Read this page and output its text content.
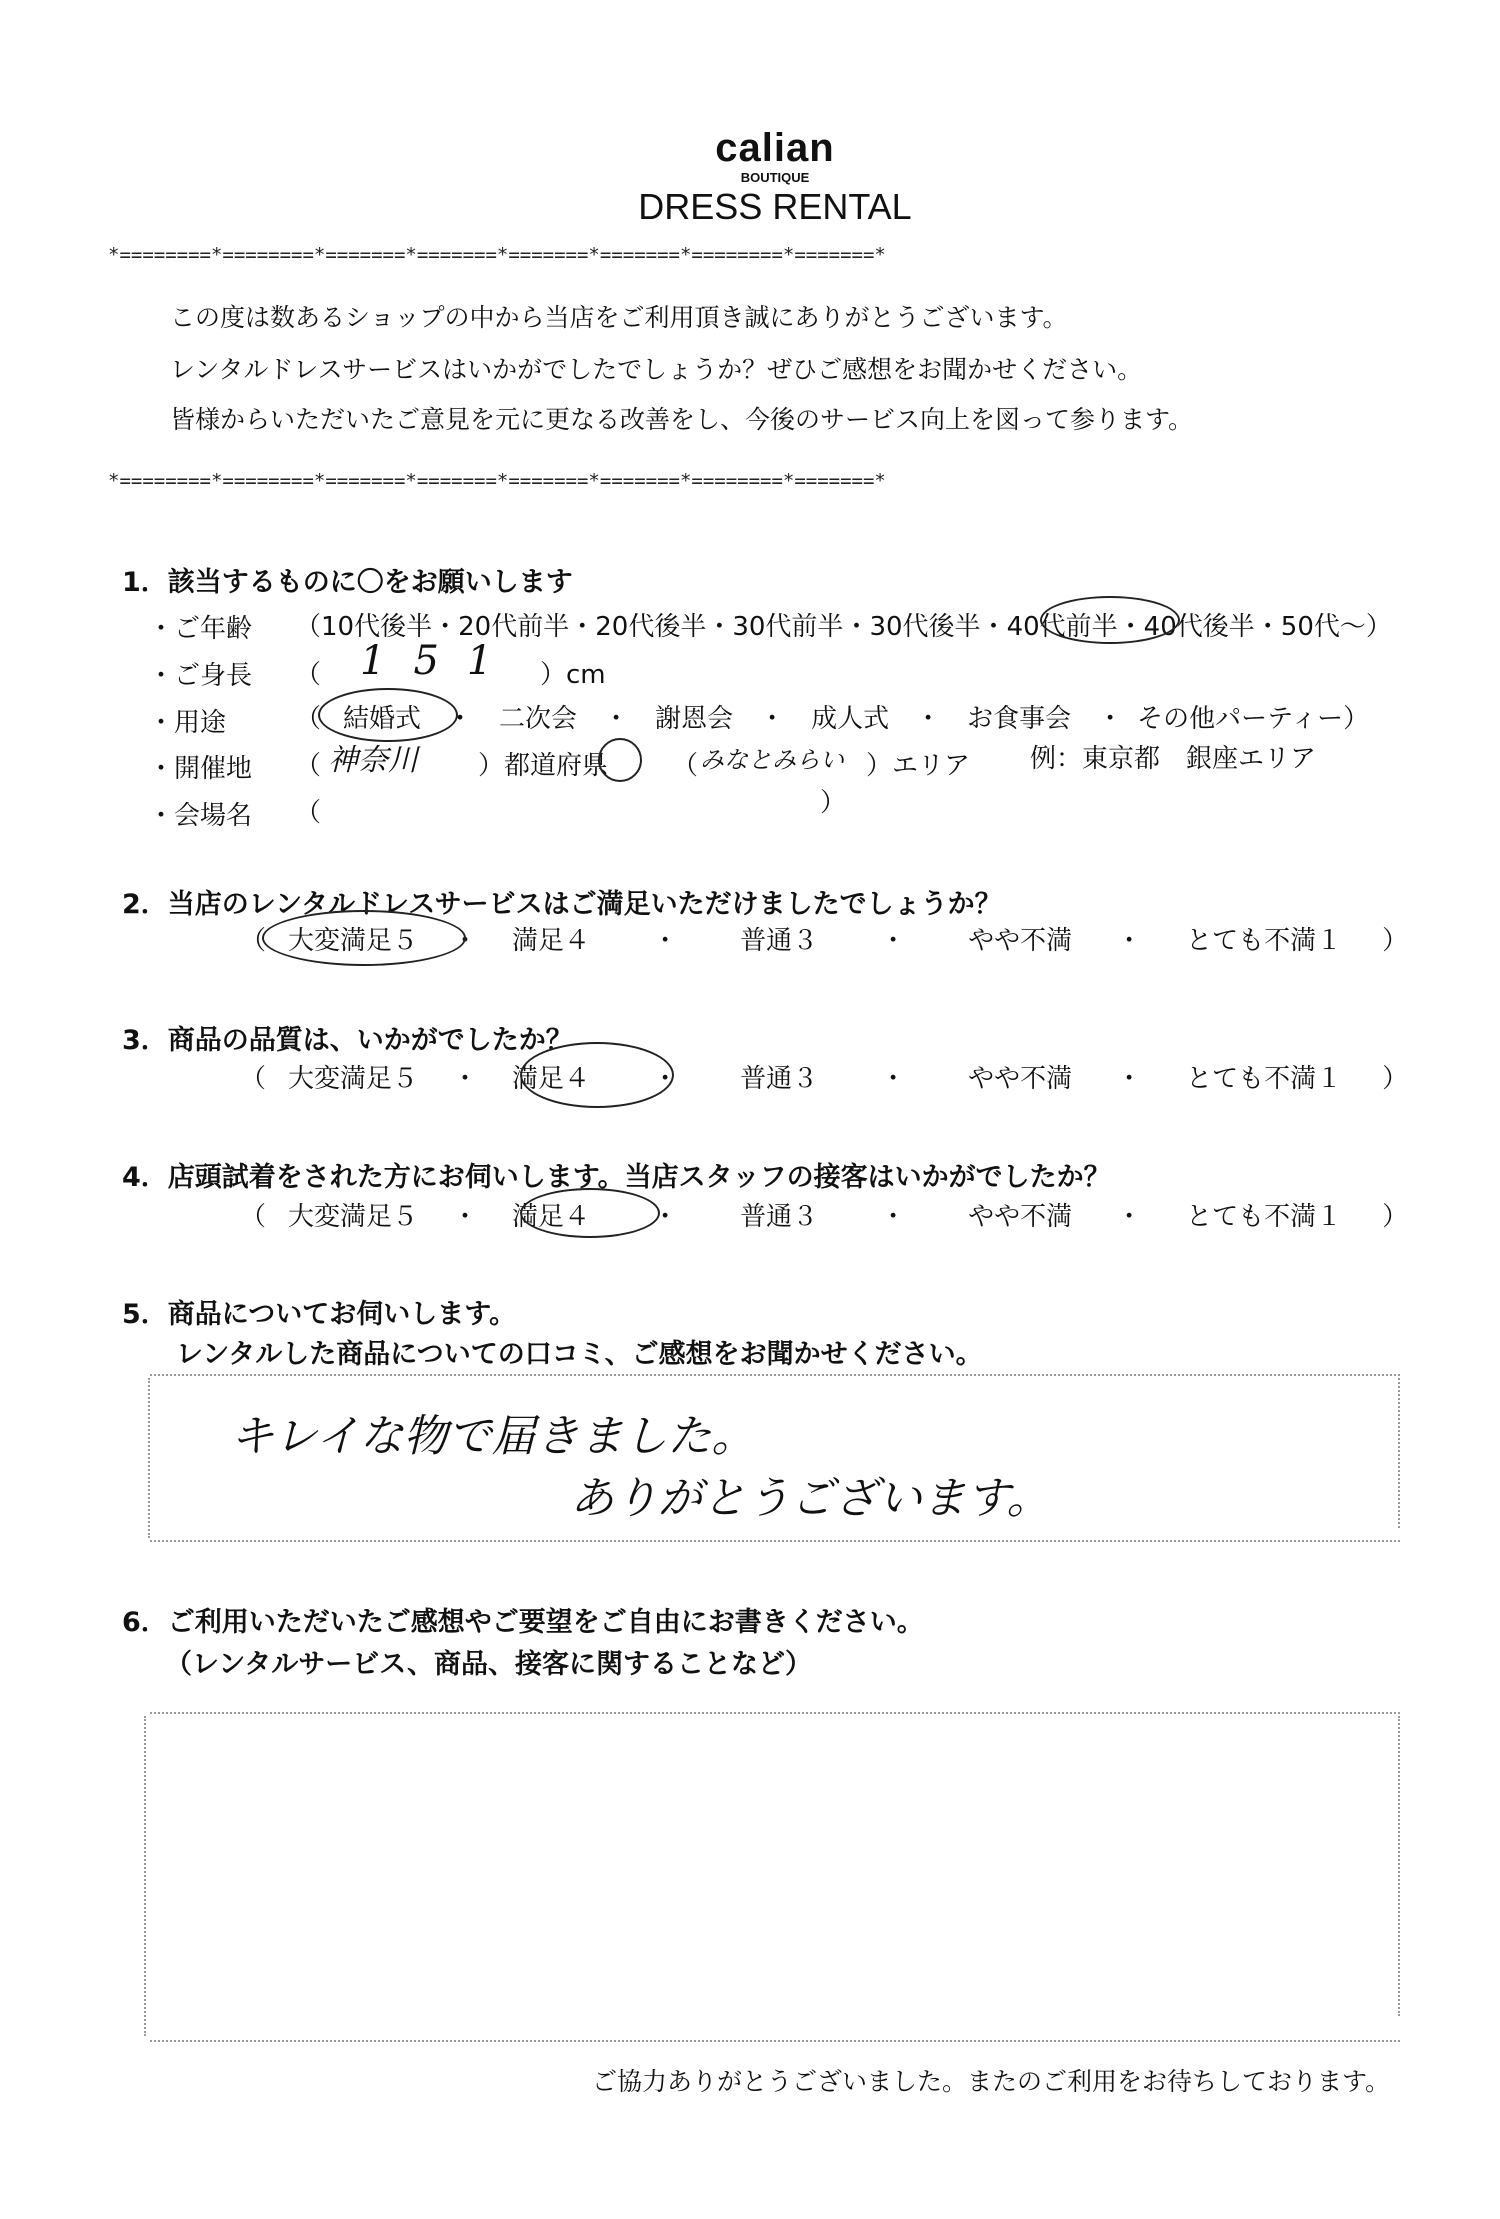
calian
BOUTIQUE
DRESS RENTAL
*========*========*=======*=======*=======*=======*========*=======*
この度は数あるショップの中から当店をご利用頂き誠にありがとうございます。
レンタルドレスサービスはいかがでしたでしょうか？ぜひご感想をお聞かせください。
皆様からいただいたご意見を元に更なる改善をし、今後のサービス向上を図って参ります。
*========*========*=======*=======*=======*=======*========*=======*
1．該当するものに〇をお願いします
・ご年齢 （10代後半・20代前半・20代後半・30代前半・30代後半・40代前半・40代後半・50代～）
・ご身長 （ 151 ）cm
・用途	（ 結婚式 ・ 二次会 ・ 謝恩会 ・ 成人式 ・ お食事会 ・ その他パーティー）
・開催地 （ 神奈川 ）都道府県 （ みなとみらい ）エリア 例：東京都　銀座エリア
・会場名 （	）
2．当店のレンタルドレスサービスはご満足いただけましたでしょうか？
（ 大変満足５ ・ 満足４ ・ 普通３ ・ やや不満 ・ とても不満１ ）
3．商品の品質は、いかがでしたか？
（ 大変満足５ ・ 満足４ ・ 普通３ ・ やや不満 ・ とても不満１ ）
4．店頭試着をされた方にお伺いします。当店スタッフの接客はいかがでしたか？
（ 大変満足５ ・ 満足４ ・ 普通３ ・ やや不満 ・ とても不満１ ）
5．商品についてお伺いします。
レンタルした商品についての口コミ、ご感想をお聞かせください。
キレイな物で届きました。
ありがとうございます。
6．ご利用いただいたご感想やご要望をご自由にお書きください。
（レンタルサービス、商品、接客に関することなど）
ご協力ありがとうございました。またのご利用をお待ちしております。
